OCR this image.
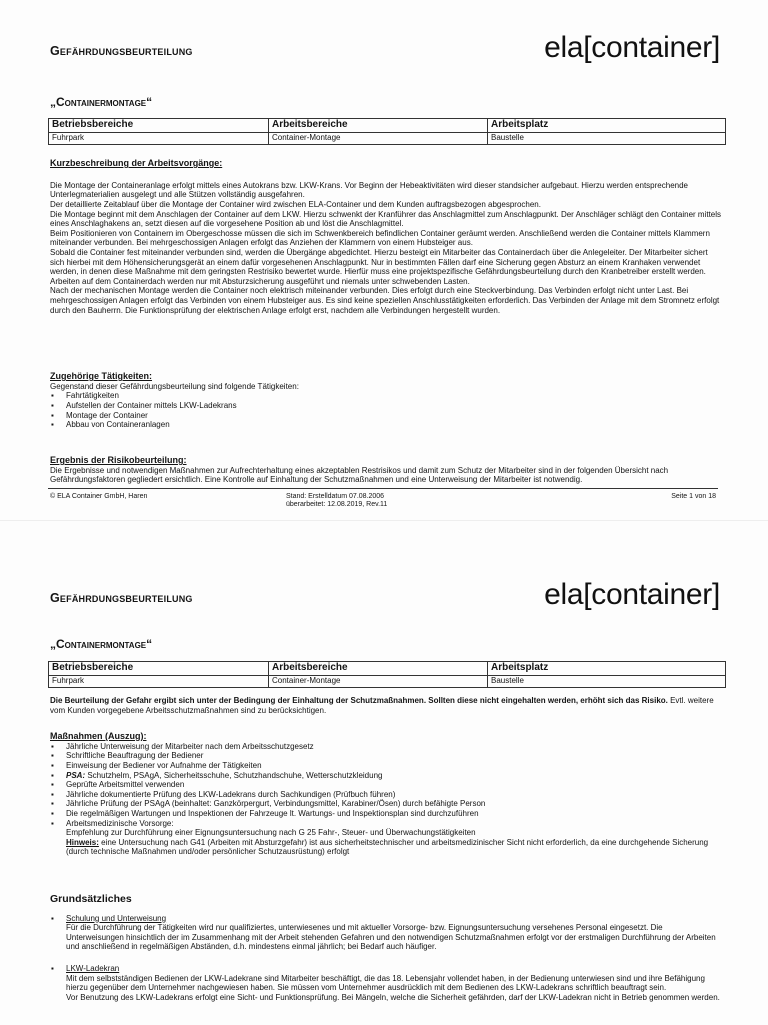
Gefährdungsbeurteilung	ela[container]
„Containermontage“
Betriebsbereiche	Arbeitsbereiche	Arbeitsplatz
Fuhrpark	Container-Montage	Baustelle
Kurzbeschreibung der Arbeitsvorgänge:

Die Montage der Containeranlage erfolgt mittels eines Autokrans bzw. LKW-Krans. Vor Beginn der Hebeaktivitäten wird dieser standsicher aufgebaut. Hierzu werden entsprechende Unterlegmaterialien ausgelegt und alle Stützen vollständig ausgefahren.

Der detaillierte Zeitablauf über die Montage der Container wird zwischen ELA-Container und dem Kunden auftragsbezogen abgesprochen.

Die Montage beginnt mit dem Anschlagen der Container auf dem LKW. Hierzu schwenkt der Kranführer das Anschlagmittel zum Anschlagpunkt. Der Anschläger schlägt den Container mittels eines Anschlaghakens an, setzt diesen auf die vorgesehene Position ab und löst die Anschlagmittel.

Beim Positionieren von Containern im Obergeschosse müssen die sich im Schwenkbereich befindlichen Container geräumt werden. Anschließend werden die Container mittels Klammern miteinander verbunden. Bei mehrgeschossigen Anlagen erfolgt das Anziehen der Klammern von einem Hubsteiger aus.

Sobald die Container fest miteinander verbunden sind, werden die Übergänge abgedichtet. Hierzu besteigt ein Mitarbeiter das Containerdach über die Anlegeleiter. Der Mitarbeiter sichert sich hierbei mit dem Höhensicherungsgerät an einem dafür vorgesehenen Anschlagpunkt. Nur in bestimmten Fällen darf eine Sicherung gegen Absturz an einem Kranhaken verwendet werden, in denen diese Maßnahme mit dem geringsten Restrisiko bewertet wurde. Hierfür muss eine projektspezifische Gefährdungsbeurteilung durch den Kranbetreiber erstellt werden. Arbeiten auf dem Containerdach werden nur mit Absturzsicherung ausgeführt und niemals unter schwebenden Lasten.

Nach der mechanischen Montage werden die Container noch elektrisch miteinander verbunden. Dies erfolgt durch eine Steckverbindung. Das Verbinden erfolgt nicht unter Last. Bei mehrgeschossigen Anlagen erfolgt das Verbinden von einem Hubsteiger aus. Es sind keine speziellen Anschlusstätigkeiten erforderlich. Das Verbinden der Anlage mit dem Stromnetz erfolgt durch den Bauherrn. Die Funktionsprüfung der elektrischen Anlage erfolgt erst, nachdem alle Verbindungen hergestellt wurden.

Zugehörige Tätigkeiten:

Gegenstand dieser Gefährdungsbeurteilung sind folgende Tätigkeiten:

▪ Fahrtätigkeiten
▪ Aufstellen der Container mittels LKW-Ladekrans
▪ Montage der Container
▪ Abbau von Containeranlagen
Ergebnis der Risikobeurteilung:

Die Ergebnisse und notwendigen Maßnahmen zur Aufrechterhaltung eines akzeptablen Restrisikos und damit zum Schutz der Mitarbeiter sind in der folgenden Übersicht nach Gefährdungsfaktoren gegliedert ersichtlich. Eine Kontrolle auf Einhaltung der Schutzmaßnahmen und eine Unterweisung der Mitarbeiter ist notwendig.

© ELA Container GmbH, Haren	Stand: Erstelldatum 07.08.2006
überarbeitet: 12.08.2019, Rev.11
Seite 1 von 18
Gefährdungsbeurteilung	ela[container]
„Containermontage“
Betriebsbereiche	Arbeitsbereiche	Arbeitsplatz
Fuhrpark	Container-Montage	Baustelle

Die Beurteilung der Gefahr ergibt sich unter der Bedingung der Einhaltung der Schutzmaßnahmen. Sollten diese nicht eingehalten werden, erhöht sich das Risiko. Evtl. weitere vom Kunden vorgegebene Arbeitsschutzmaßnahmen sind zu berücksichtigen.

Maßnahmen (Auszug):
▪ Jährliche Unterweisung der Mitarbeiter nach dem Arbeitsschutzgesetz
▪ Schriftliche Beauftragung der Bediener
▪ Einweisung der Bediener vor Aufnahme der Tätigkeiten
▪ PSA: Schutzhelm, PSAgA, Sicherheitsschuhe, Schutzhandschuhe, Wetterschutzkleidung
▪ Geprüfte Arbeitsmittel verwenden
▪ Jährliche dokumentierte Prüfung des LKW-Ladekrans durch Sachkundigen (Prüfbuch führen)
▪ Jährliche Prüfung der PSAgA (beinhaltet: Ganzkörpergurt, Verbindungsmittel, Karabiner/Ösen) durch befähigte Person
▪ Die regelmäßigen Wartungen und Inspektionen der Fahrzeuge lt. Wartungs- und Inspektionsplan sind durchzuführen
▪ Arbeitsmedizinische Vorsorge:

Empfehlung zur Durchführung einer Eignungsuntersuchung nach G 25 Fahr-, Steuer- und Überwachungstätigkeiten

Hinweis: eine Untersuchung nach G41 (Arbeiten mit Absturzgefahr) ist aus sicherheitstechnischer und arbeitsmedizinischer Sicht nicht erforderlich, da eine durchgehende Sicherung (durch technische Maßnahmen und/oder persönlicher Schutzausrüstung) erfolgt

Grundsätzliches
▪ Schulung und Unterweisung

Für die Durchführung der Tätigkeiten wird nur qualifiziertes, unterwiesenes und mit aktueller Vorsorge- bzw. Eignungsuntersuchung versehenes Personal eingesetzt. Die Unterweisungen hinsichtlich der im Zusammenhang mit der Arbeit stehenden Gefahren und den notwendigen Schutzmaßnahmen erfolgt vor der erstmaligen Durchführung der Arbeiten und anschließend in regelmäßigen Abständen, d.h. mindestens einmal jährlich; bei Bedarf auch häufiger.

▪ LKW-Ladekran

Mit dem selbstständigen Bedienen der LKW-Ladekrane sind Mitarbeiter beschäftigt, die das 18. Lebensjahr vollendet haben, in der Bedienung unterwiesen sind und ihre Befähigung hierzu gegenüber dem Unternehmer nachgewiesen haben. Sie müssen vom Unternehmer ausdrücklich mit dem Bedienen des LKW-Ladekrans schriftlich beauftragt sein.

Vor Benutzung des LKW-Ladekrans erfolgt eine Sicht- und Funktionsprüfung. Bei Mängeln, welche die Sicherheit gefährden, darf der LKW-Ladekran nicht in Betrieb genommen werden.
